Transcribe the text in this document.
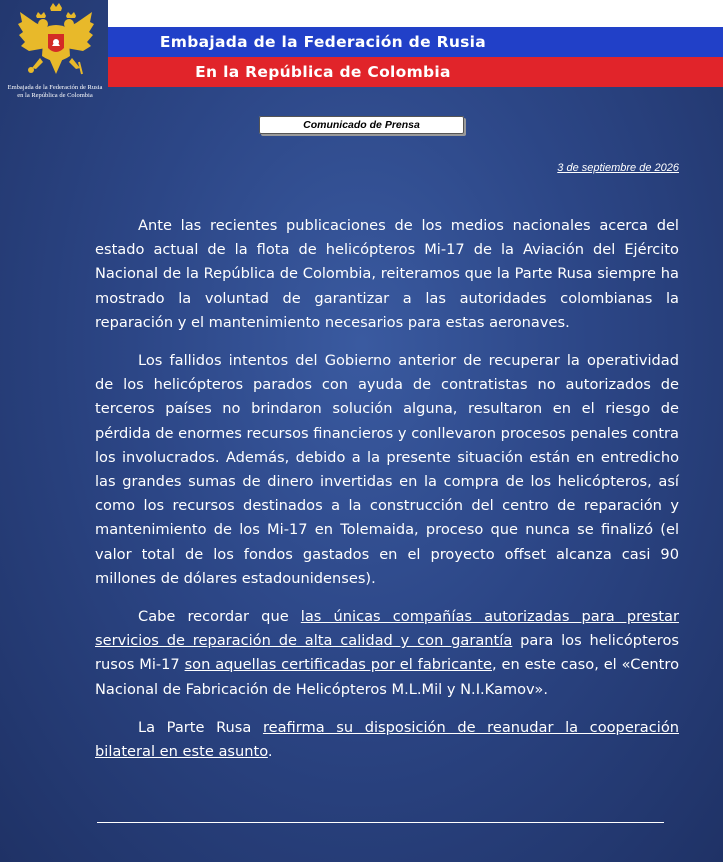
Embajada de la Federación de Rusia
en la República de Colombia
Embajada de la Federación de Rusia
En la República de Colombia
Comunicado de Prensa
3 de septiembre de 2026

Ante las recientes publicaciones de los medios nacionales acerca del estado actual de la flota de helicópteros Mi-17 de la Aviación del Ejército Nacional de la República de Colombia, reiteramos que la Parte Rusa siempre ha mostrado la voluntad de garantizar a las autoridades colombianas la reparación y el mantenimiento necesarios para estas aeronaves.

Los fallidos intentos del Gobierno anterior de recuperar la operatividad de los helicópteros parados con ayuda de contratistas no autorizados de terceros países no brindaron solución alguna, resultaron en el riesgo de pérdida de enormes recursos financieros y conllevaron procesos penales contra los involucrados. Además, debido a la presente situación están en entredicho las grandes sumas de dinero invertidas en la compra de los helicópteros, así como los recursos destinados a la construcción del centro de reparación y mantenimiento de los Mi-17 en Tolemaida, proceso que nunca se finalizó (el valor total de los fondos gastados en el proyecto offset alcanza casi 90 millones de dólares estadounidenses).

Cabe recordar que las únicas compañías autorizadas para prestar servicios de reparación de alta calidad y con garantía para los helicópteros rusos Mi-17 son aquellas certificadas por el fabricante, en este caso, el «Centro Nacional de Fabricación de Helicópteros M.L.Mil y N.I.Kamov».

La Parte Rusa reafirma su disposición de reanudar la cooperación bilateral en este asunto.
